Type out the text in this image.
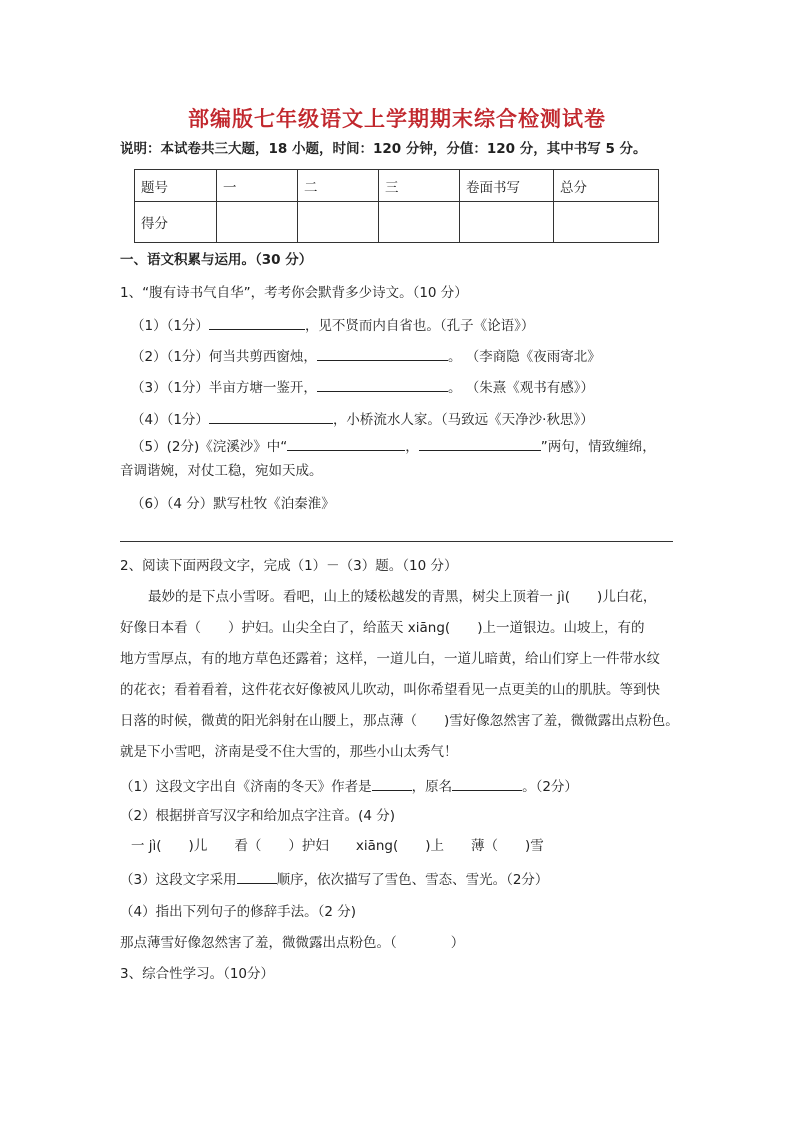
部编版七年级语文上学期期末综合检测试卷
说明：本试卷共三大题，18 小题，时间：120 分钟，分值：120 分，其中书写 5 分。
题号	一	二	三	卷面书写	总分
得分					
一、语文积累与运用。（30 分）
1、“腹有诗书气自华”，考考你会默背多少诗文。（10 分）
（1）（1分）	，见不贤而内自省也。（孔子《论语》）
（2）（1分）何当共剪西窗烛，	。 （李商隐《夜雨寄北》
（3）（1分）半亩方塘一鉴开，	。 （朱熹《观书有感》）
（4）（1分）	，小桥流水人家。（马致远《天净沙·秋思》）
（5）(2分)《浣溪沙》中“	，	”两句，情致缠绵，
音调谐婉，对仗工稳，宛如天成。
（6）（4 分）默写杜牧《泊秦淮》
2、阅读下面两段文字，完成（1）－（3）题。（10 分）
最妙的是下点小雪呀。看吧，山上的矮松越发的青黑，树尖上顶着一 jì(　　)儿白花，
好像日本看（　　）护妇。山尖全白了，给蓝天 xiāng(　　)上一道银边。山坡上，有的
地方雪厚点，有的地方草色还露着；这样，一道儿白，一道儿暗黄，给山们穿上一件带水纹
的花衣；看着看着，这件花衣好像被风儿吹动，叫你希望看见一点更美的山的肌肤。等到快
日落的时候，微黄的阳光斜射在山腰上，那点薄（　　)雪好像忽然害了羞，微微露出点粉色。
就是下小雪吧，济南是受不住大雪的，那些小山太秀气！
（1）这段文字出自《济南的冬天》作者是	，原名	。（2分）
（2）根据拼音写汉字和给加点字注音。(4 分)
一 jì(　　)儿　　看（　　）护妇　　xiāng(　　)上　　薄（　　)雪
（3）这段文字采用	顺序，依次描写了雪色、雪态、雪光。（2分）
（4）指出下列句子的修辞手法。（2 分)
那点薄雪好像忽然害了羞，微微露出点粉色。（　　　　）
3、综合性学习。（10分）
